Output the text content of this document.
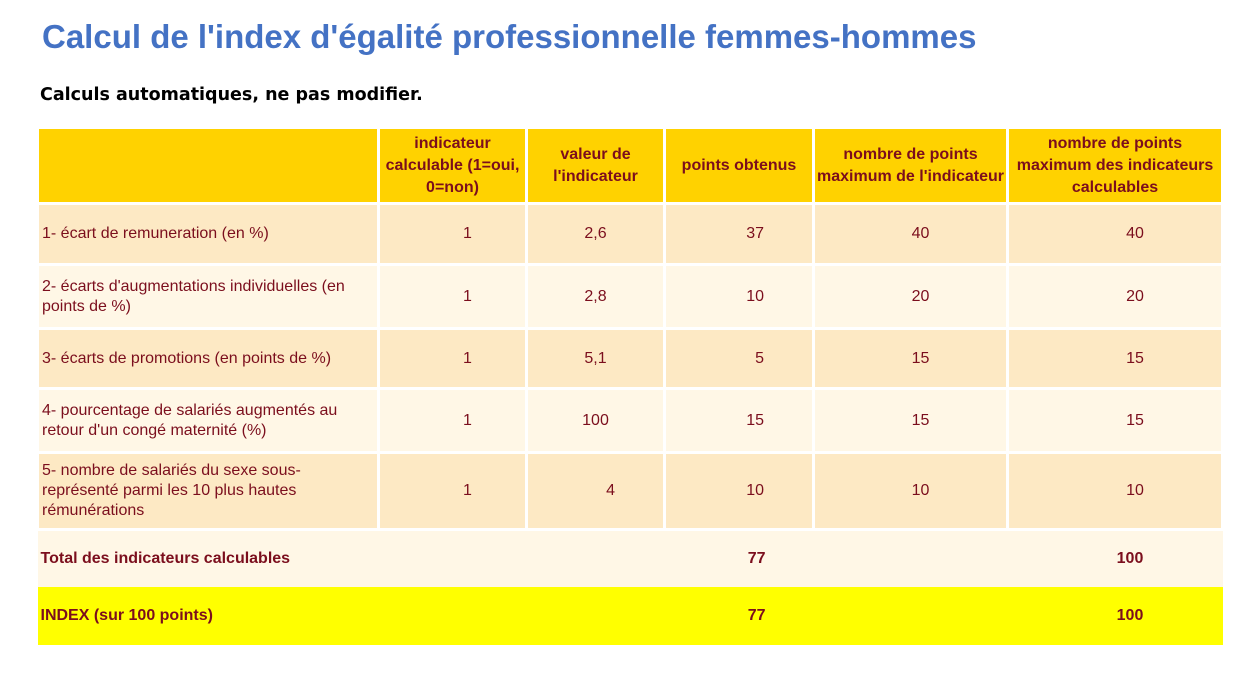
Calcul de l'index d'égalité professionnelle femmes-hommes
Calculs automatiques, ne pas modifier.
	indicateur calculable (1=oui, 0=non)	valeur de l'indicateur	points obtenus	nombre de points maximum de l'indicateur	nombre de points maximum des indicateurs calculables
1- écart de remuneration (en %)	1	2,6	37	40	40
2- écarts d'augmentations individuelles (en points de %)	1	2,8	10	20	20
3- écarts de promotions (en points de %)	1	5,1	5	15	15
4- pourcentage de salariés augmentés au retour d'un congé maternité (%)	1	100	15	15	15
5- nombre de salariés du sexe sous-représenté parmi les 10 plus hautes rémunérations	1	4	10	10	10
Total des indicateurs calculables			77		100
INDEX (sur 100 points)			77		100
